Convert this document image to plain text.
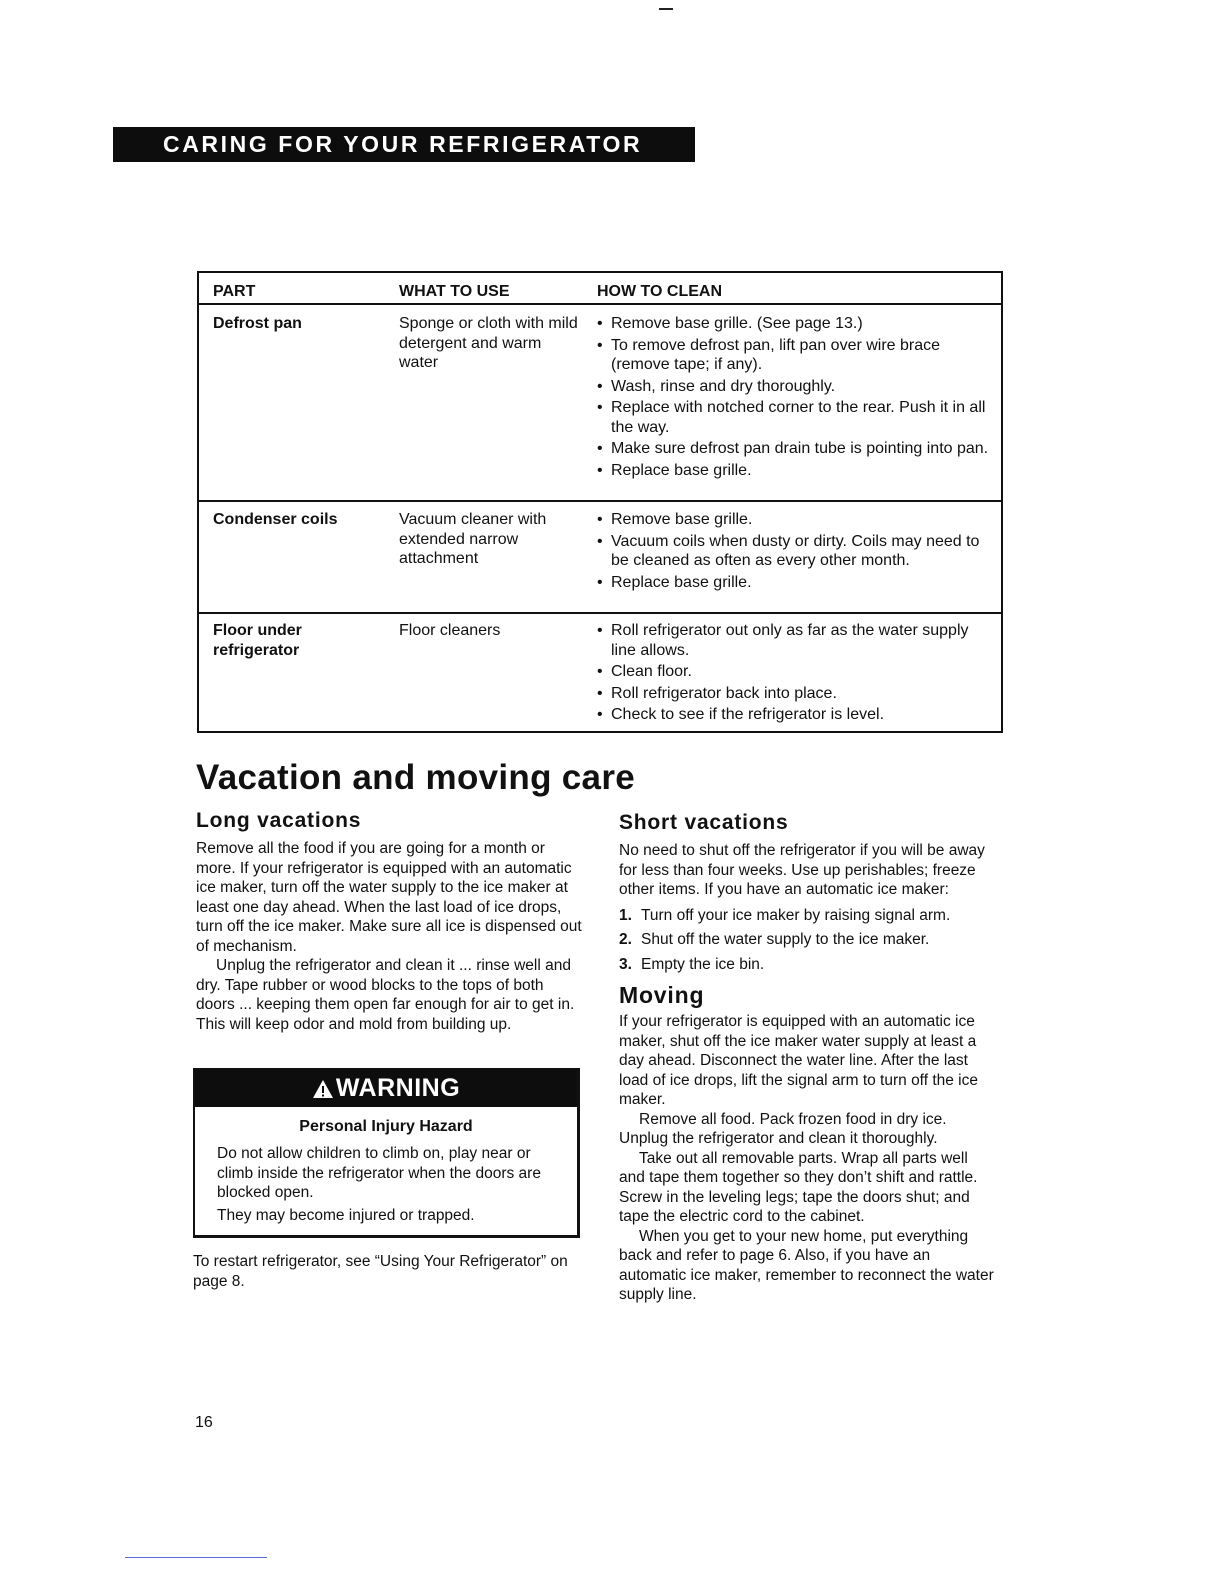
CARING FOR YOUR REFRIGERATOR
PART	WHAT TO USE	HOW TO CLEAN
Defrost pan	Sponge or cloth with mild detergent and warm water
• Remove base grille. (See page 13.)
• To remove defrost pan, lift pan over wire brace (remove tape; if any).
• Wash, rinse and dry thoroughly.
• Replace with notched corner to the rear. Push it in all the way.
• Make sure defrost pan drain tube is pointing into pan.
• Replace base grille.
Condenser coils	Vacuum cleaner with extended narrow attachment
• Remove base grille.
• Vacuum coils when dusty or dirty. Coils may need to be cleaned as often as every other month.
• Replace base grille.
Floor under refrigerator
Floor cleaners
•	Roll refrigerator out only as far as the water supply line allows.
• Clean floor.
• Roll refrigerator back into place.
• Check to see if the refrigerator is level.
Vacation and moving care
Long vacations

Remove all the food if you are going for a month or more. If your refrigerator is equipped with an automatic ice maker, turn off the water supply to the ice maker at least one day ahead. When the last load of ice drops, turn off the ice maker. Make sure all ice is dispensed out of mechanism.

Unplug the refrigerator and clean it ... rinse well and dry. Tape rubber or wood blocks to the tops of both doors ... keeping them open far enough for air to get in. This will keep odor and mold from building up.

WARNING
Personal Injury Hazard

Do not allow children to climb on, play near or climb inside the refrigerator when the doors are blocked open.

They may become injured or trapped.

To restart refrigerator, see “Using Your Refrigerator” on page 8.

Short vacations

No need to shut off the refrigerator if you will be away for less than four weeks. Use up perishables; freeze other items. If you have an automatic ice maker:

1. Turn off your ice maker by raising signal arm.
2. Shut off the water supply to the ice maker.
3. Empty the ice bin.
Moving

If your refrigerator is equipped with an automatic ice maker, shut off the ice maker water supply at least a day ahead. Disconnect the water line. After the last load of ice drops, lift the signal arm to turn off the ice maker.

Remove all food. Pack frozen food in dry ice. Unplug the refrigerator and clean it thoroughly.

Take out all removable parts. Wrap all parts well and tape them together so they don’t shift and rattle. Screw in the leveling legs; tape the doors shut; and tape the electric cord to the cabinet.

When you get to your new home, put everything back and refer to page 6. Also, if you have an automatic ice maker, remember to reconnect the water supply line.

16
